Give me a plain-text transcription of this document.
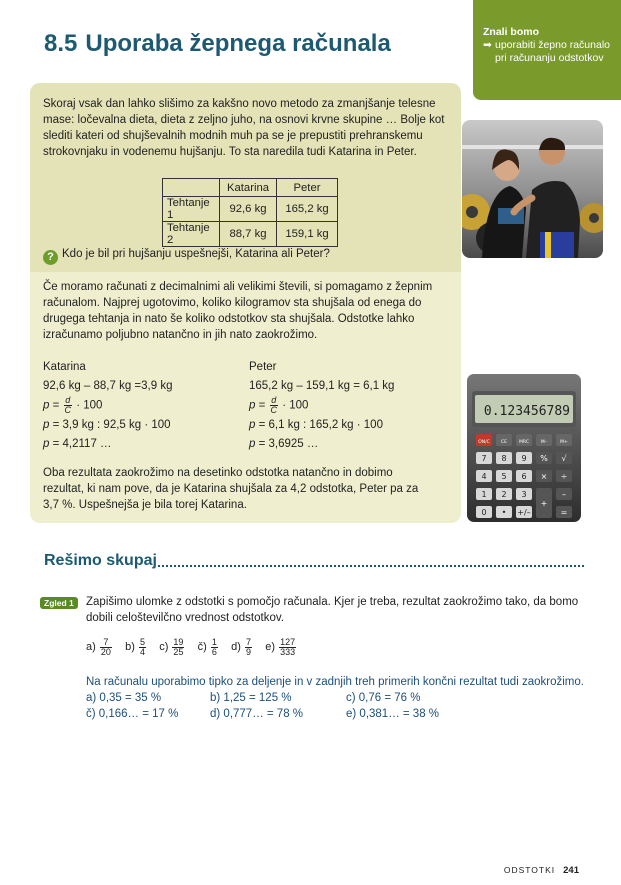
8.5 Uporaba žepnega računala	Znali bomo
➡ uporabiti žepno računalo pri računanju odstotkov
Skoraj vsak dan lahko slišimo za kakšno novo metodo za zmanjšanje telesne mase: ločevalna dieta, dieta z zeljno juho, na osnovi krvne skupine … Bolje kot slediti kateri od shujševalnih modnih muh pa se je prepustiti prehranskemu strokovnjaku in vodenemu hujšanju. To sta naredila tudi Katarina in Peter.
	Katarina	Peter
Tehtanje 1	92,6 kg	165,2 kg
Tehtanje 2	88,7 kg	159,1 kg
? Kdo je bil pri hujšanju uspešnejši, Katarina ali Peter?
Če moramo računati z decimalnimi ali velikimi števili, si pomagamo z žepnim računalom. Najprej ugotovimo, koliko kilogramov sta shujšala od enega do drugega tehtanja in nato še koliko odstotkov sta shujšala. Odstotke lahko izračunamo poljubno natančno in jih nato zaokrožimo.
Katarina
92,6 kg – 88,7 kg =3,9 kg
$p = \frac{d}{C} \cdot 100$
p = 3,9 kg : 92,5 kg · 100
p = 4,2117 …
Peter
165,2 kg – 159,1 kg = 6,1 kg
$p = \frac{d}{C} \cdot 100$
p = 6,1 kg : 165,2 kg · 100
p = 3,6925 …
Oba rezultata zaokrožimo na desetinko odstotka natančno in dobimo rezultat, ki nam pove, da je Katarina shujšala za 4,2 odstotka, Peter pa za 3,7 %. Uspešnejša je bila torej Katarina.
0.123456789
ON/C CE	MRC	M–	M+
7 8 9 % √
4 5 6 × ÷
1 2 3
+
–
0 • +/–	=
Rešimo skupaj
Zgled 1	Zapišimo ulomke z odstotki s pomočjo računala. Kjer je treba, rezultat zaokrožimo tako, da bomo dobili celoštevilčno vrednost odstotkov.
$a) \frac{7}{20} b) \frac{5}{4} c) \frac{19}{25}$ č) $\frac{1}{6} d) \frac{7}{9} e) \frac{127}{333}$
Na računalu uporabimo tipko za deljenje in v zadnjih treh primerih končni rezultat tudi zaokrožimo.
a) 0,35 = 35 %	b) 1,25 = 125 %	c) 0,76 = 76 %
č) 0,166… = 17 %	d) 0,777… = 78 %	e) 0,381… = 38 %
ODSTOTKI 241
